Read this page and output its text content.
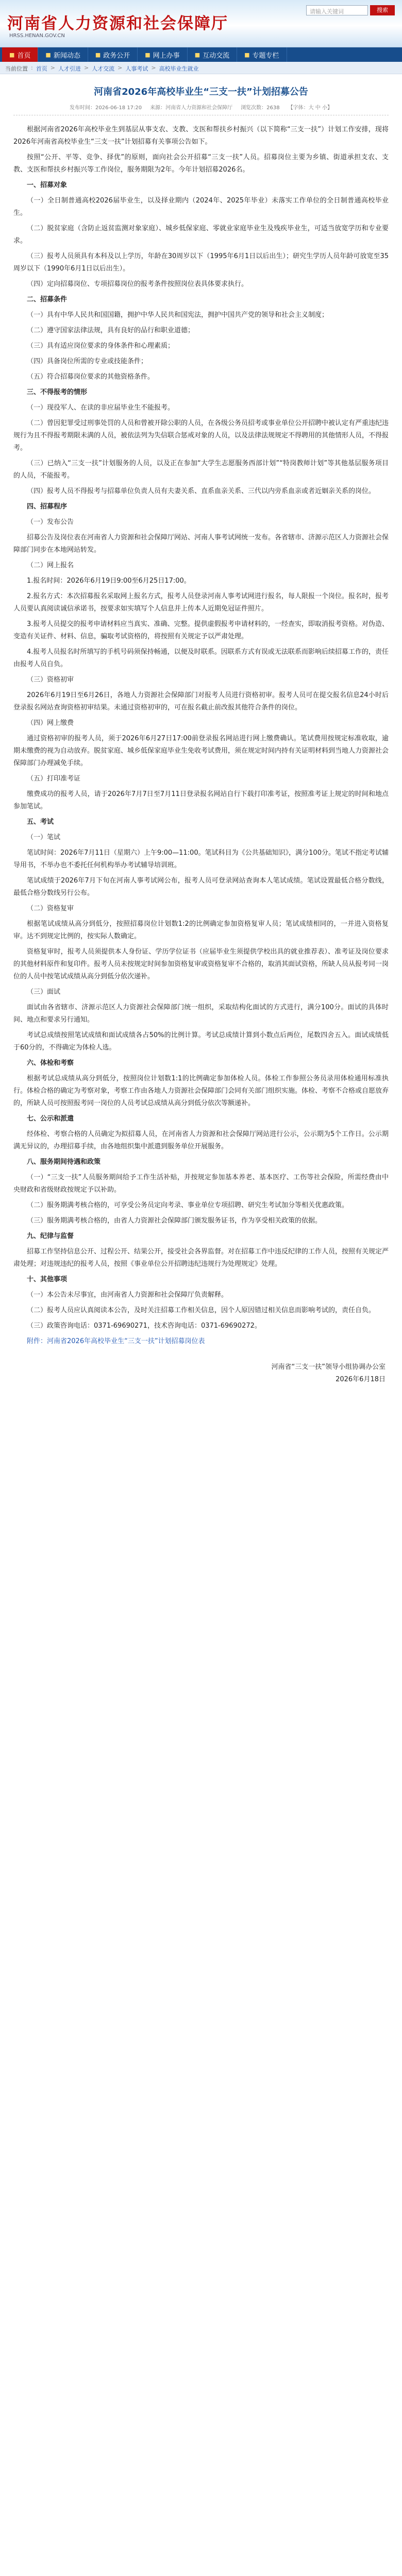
河南省人力资源和社会保障厅
HRSS.HENAN.GOV.CN
请输入关键词	搜索
■ 首页	■ 新闻动态	■ 政务公开	■ 网上办事	■ 互动交流	■ 专题专栏
当前位置 : 首页 > 人才引进 > 人才交流 > 人事考试 > 高校毕业生就业
河南省2026年高校毕业生“三支一扶”计划招募公告
发布时间：2026-06-18 17:20 来源：河南省人力资源和社会保障厅 浏览次数：2638 【字体：大 中 小】
根据河南省2026年高校毕业生到基层从事支农、支教、支医和帮扶乡村振兴（以下简称“三支一扶”）计划工作安排，现将2026年河南省高校毕业生“三支一扶”计划招募有关事项公告如下。
按照“公开、平等、竞争、择优”的原则，面向社会公开招募“三支一扶”人员。招募岗位主要为乡镇、街道承担支农、支教、支医和帮扶乡村振兴等工作岗位，服务期限为2年。今年计划招募2026名。
一、招募对象
（一）全日制普通高校2026届毕业生，以及择业期内（2024年、2025年毕业）未落实工作单位的全日制普通高校毕业生。
（二）脱贫家庭（含防止返贫监测对象家庭）、城乡低保家庭、零就业家庭毕业生及残疾毕业生，可适当放宽学历和专业要求。
（三）报考人员须具有本科及以上学历，年龄在30周岁以下（1995年6月1日以后出生）；研究生学历人员年龄可放宽至35周岁以下（1990年6月1日以后出生）。
（四）定向招募岗位、专项招募岗位的报考条件按照岗位表具体要求执行。
二、招募条件
（一）具有中华人民共和国国籍，拥护中华人民共和国宪法，拥护中国共产党的领导和社会主义制度；
（二）遵守国家法律法规，具有良好的品行和职业道德；
（三）具有适应岗位要求的身体条件和心理素质；
（四）具备岗位所需的专业或技能条件；
（五）符合招募岗位要求的其他资格条件。
三、不得报考的情形
（一）现役军人、在读的非应届毕业生不能报考。
（二）曾因犯罪受过刑事处罚的人员和曾被开除公职的人员，在各级公务员招考或事业单位公开招聘中被认定有严重违纪违规行为且不得报考期限未满的人员，被依法列为失信联合惩戒对象的人员，以及法律法规规定不得聘用的其他情形人员，不得报考。
（三）已纳入“三支一扶”计划服务的人员，以及正在参加“大学生志愿服务西部计划”“特岗教师计划”等其他基层服务项目的人员，不能报考。
（四）报考人员不得报考与招募单位负责人员有夫妻关系、直系血亲关系、三代以内旁系血亲或者近姻亲关系的岗位。
四、招募程序
（一）发布公告
招募公告及岗位表在河南省人力资源和社会保障厅网站、河南人事考试网统一发布。各省辖市、济源示范区人力资源社会保障部门同步在本地网站转发。
（二）网上报名
1.报名时间：2026年6月19日9:00至6月25日17:00。
2.报名方式：本次招募报名采取网上报名方式，报考人员登录河南人事考试网进行报名，每人限报一个岗位。报名时，报考人员要认真阅读诚信承诺书，按要求如实填写个人信息并上传本人近期免冠证件照片。
3.报考人员提交的报考申请材料应当真实、准确、完整。提供虚假报考申请材料的，一经查实，即取消报考资格。对伪造、变造有关证件、材料、信息，骗取考试资格的，将按照有关规定予以严肃处理。
4.报考人员报名时所填写的手机号码须保持畅通，以便及时联系。因联系方式有误或无法联系而影响后续招募工作的，责任由报考人员自负。
（三）资格初审
2026年6月19日至6月26日，各地人力资源社会保障部门对报考人员进行资格初审。报考人员可在提交报名信息24小时后登录报名网站查询资格初审结果。未通过资格初审的，可在报名截止前改报其他符合条件的岗位。
（四）网上缴费
通过资格初审的报考人员，须于2026年6月27日17:00前登录报名网站进行网上缴费确认。笔试费用按规定标准收取，逾期未缴费的视为自动放弃。脱贫家庭、城乡低保家庭毕业生免收考试费用，须在规定时间内持有关证明材料到当地人力资源社会保障部门办理减免手续。
（五）打印准考证
缴费成功的报考人员，请于2026年7月7日至7月11日登录报名网站自行下载打印准考证，按照准考证上规定的时间和地点参加笔试。
五、考试
（一）笔试
笔试时间：2026年7月11日（星期六）上午9:00—11:00。笔试科目为《公共基础知识》，满分100分。笔试不指定考试辅导用书，不举办也不委托任何机构举办考试辅导培训班。
笔试成绩于2026年7月下旬在河南人事考试网公布，报考人员可登录网站查询本人笔试成绩。笔试设置最低合格分数线，最低合格分数线另行公布。
（二）资格复审
根据笔试成绩从高分到低分，按照招募岗位计划数1:2的比例确定参加资格复审人员；笔试成绩相同的，一并进入资格复审。达不到规定比例的，按实际人数确定。
资格复审时，报考人员须提供本人身份证、学历学位证书（应届毕业生须提供学校出具的就业推荐表）、准考证及岗位要求的其他材料原件和复印件。报考人员未按规定时间参加资格复审或资格复审不合格的，取消其面试资格，所缺人员从报考同一岗位的人员中按笔试成绩从高分到低分依次递补。
（三）面试
面试由各省辖市、济源示范区人力资源社会保障部门统一组织，采取结构化面试的方式进行，满分100分。面试的具体时间、地点和要求另行通知。
考试总成绩按照笔试成绩和面试成绩各占50%的比例计算。考试总成绩计算到小数点后两位，尾数四舍五入。面试成绩低于60分的，不得确定为体检人选。
六、体检和考察
根据考试总成绩从高分到低分，按照岗位计划数1:1的比例确定参加体检人员。体检工作参照公务员录用体检通用标准执行。体检合格的确定为考察对象，考察工作由各地人力资源社会保障部门会同有关部门组织实施。体检、考察不合格或自愿放弃的，所缺人员可按照报考同一岗位的人员考试总成绩从高分到低分依次等额递补。
七、公示和派遣
经体检、考察合格的人员确定为拟招募人员，在河南省人力资源和社会保障厅网站进行公示，公示期为5个工作日。公示期满无异议的，办理招募手续，由各地组织集中派遣到服务单位开展服务。
八、服务期间待遇和政策
（一）“三支一扶”人员服务期间给予工作生活补贴，并按规定参加基本养老、基本医疗、工伤等社会保险，所需经费由中央财政和省级财政按规定予以补助。
（二）服务期满考核合格的，可享受公务员定向考录、事业单位专项招聘、研究生考试加分等相关优惠政策。
（三）服务期满考核合格的，由省人力资源社会保障部门颁发服务证书，作为享受相关政策的依据。
九、纪律与监督
招募工作坚持信息公开、过程公开、结果公开，接受社会各界监督。对在招募工作中违反纪律的工作人员，按照有关规定严肃处理；对违规违纪的报考人员，按照《事业单位公开招聘违纪违规行为处理规定》处理。
十、其他事项
（一）本公告未尽事宜，由河南省人力资源和社会保障厅负责解释。
（二）报考人员应认真阅读本公告，及时关注招募工作相关信息，因个人原因错过相关信息而影响考试的，责任自负。
（三）政策咨询电话：0371-69690271，技术咨询电话：0371-69690272。
附件：河南省2026年高校毕业生“三支一扶”计划招募岗位表
河南省“三支一扶”领导小组协调办公室
2026年6月18日
